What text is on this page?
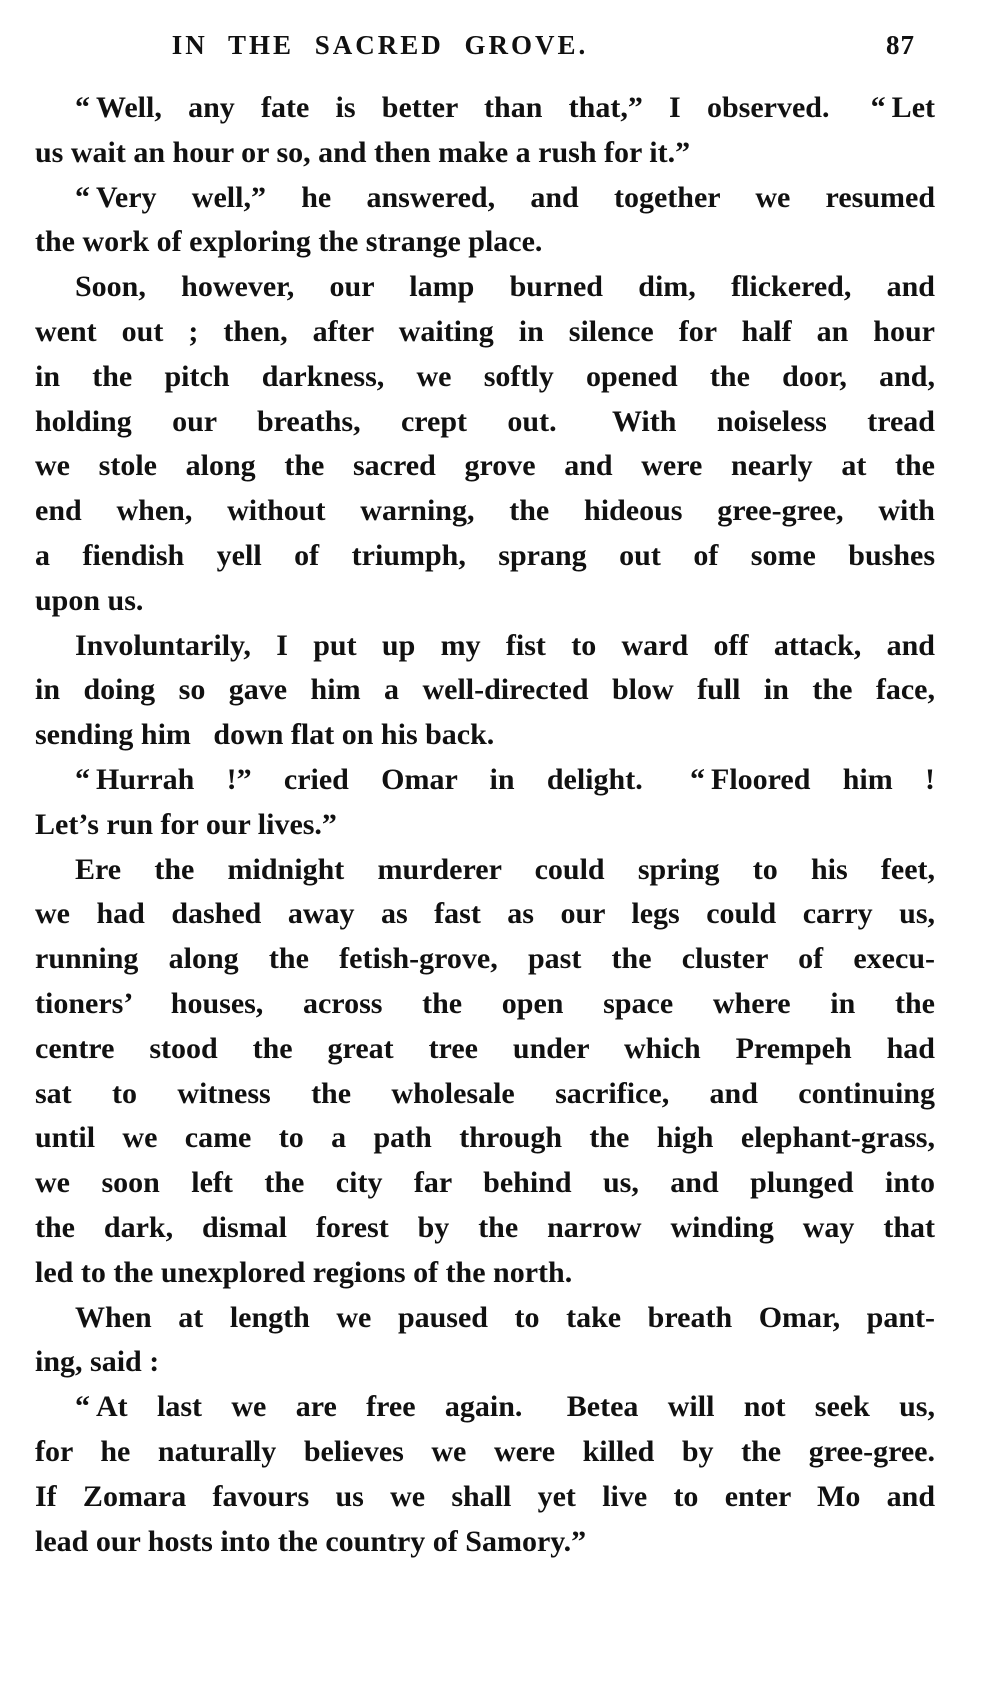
IN THE SACRED GROVE.	87
“ Well, any fate is better than that,” I observed.  “ Let
us wait an hour or so, and then make a rush for it.”
“ Very well,” he answered, and together we resumed
the work of exploring the strange place.
Soon, however, our lamp burned dim, flickered, and
went out ; then, after waiting in silence for half an hour
in the pitch darkness, we softly opened the door, and,
holding our breaths, crept out.  With noiseless tread
we stole along the sacred grove and were nearly at the
end when, without warning, the hideous gree-gree, with
a fiendish yell of triumph, sprang out of some bushes
upon us.
Involuntarily, I put up my fist to ward off attack, and
in doing so gave him a well-directed blow full in the face,
sending him  down flat on his back.
“ Hurrah !” cried Omar in delight.  “ Floored him !
Let’s run for our lives.”
Ere the midnight murderer could spring to his feet,
we had dashed away as fast as our legs could carry us,
running along the fetish-grove, past the cluster of execu-
tioners’ houses, across the open space where in the
centre stood the great tree under which Prempeh had
sat to witness the wholesale sacrifice, and continuing
until we came to a path through the high elephant-grass,
we soon left the city far behind us, and plunged into
the dark, dismal forest by the narrow winding way that
led to the unexplored regions of the north.
When at length we paused to take breath Omar, pant-
ing, said :
“ At last we are free again.  Betea will not seek us,
for he naturally believes we were killed by the gree-gree.
If Zomara favours us we shall yet live to enter Mo and
lead our hosts into the country of Samory.”
